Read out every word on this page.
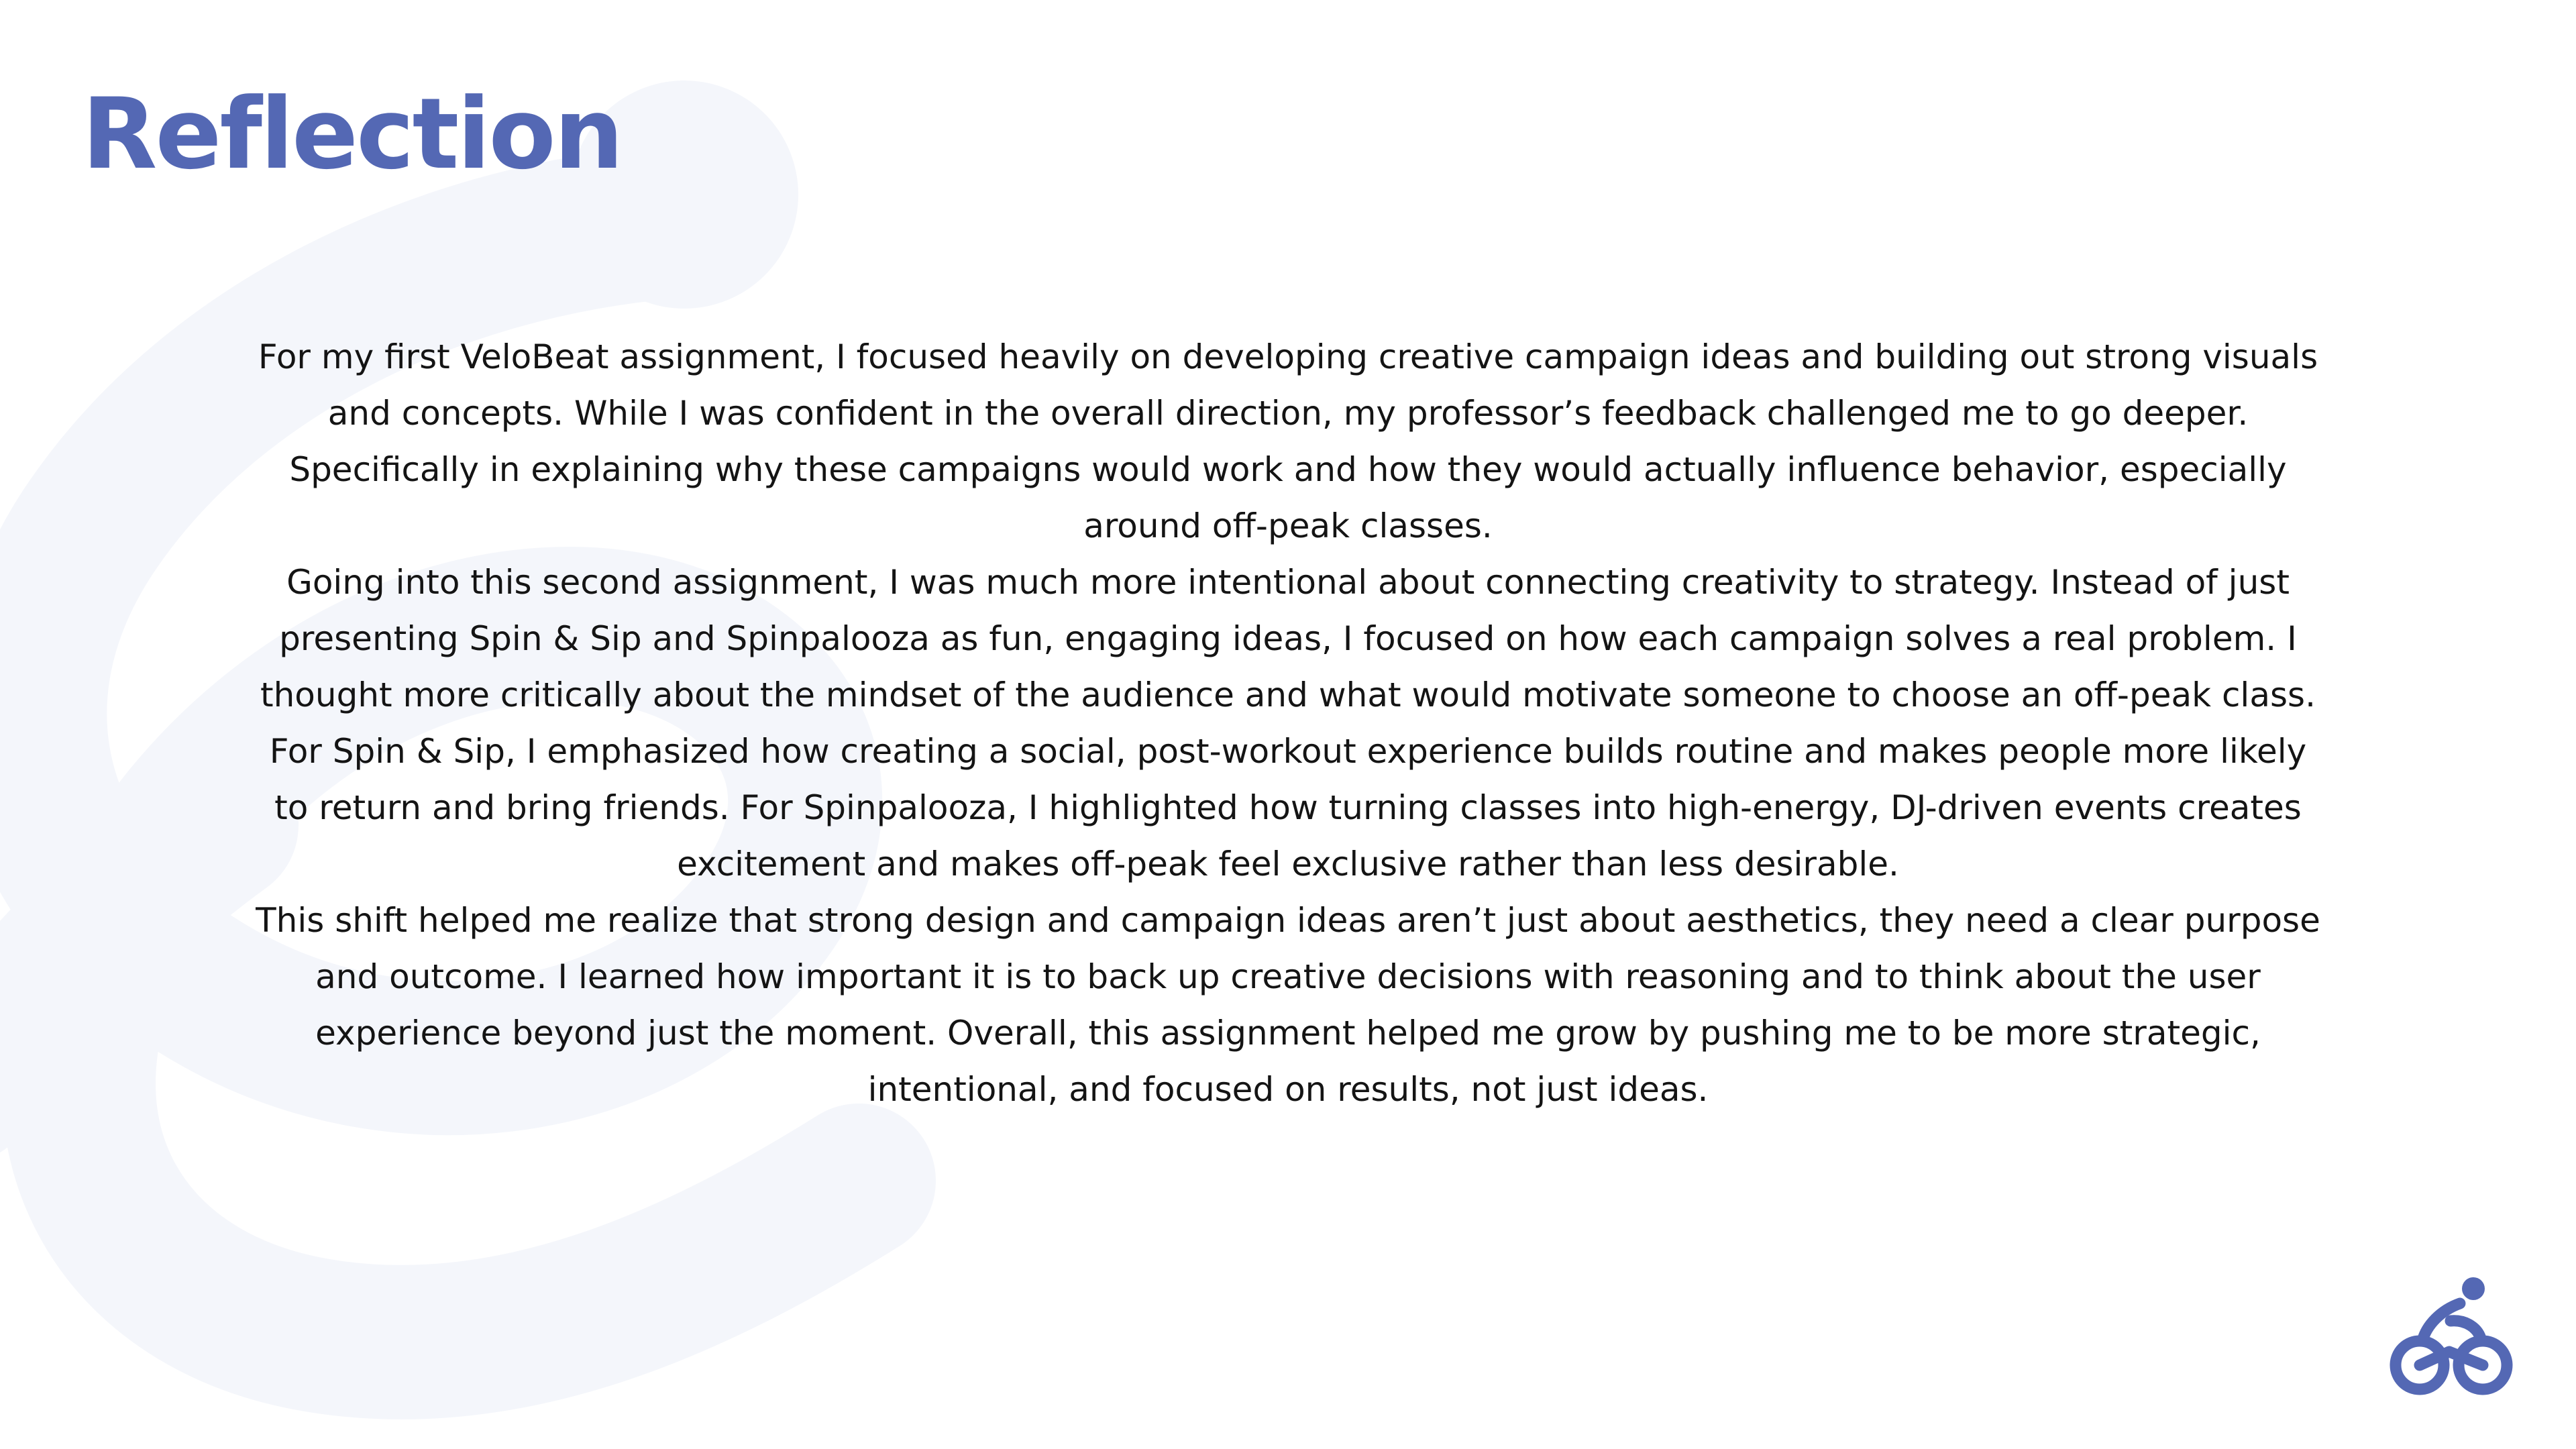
Reflection

For my first VeloBeat assignment, I focused heavily on developing creative campaign ideas and building out strong visuals and concepts. While I was confident in the overall direction, my professor’s feedback challenged me to go deeper. Specifically in explaining why these campaigns would work and how they would actually influence behavior, especially around off-peak classes.

Going into this second assignment, I was much more intentional about connecting creativity to strategy. Instead of just presenting Spin & Sip and Spinpalooza as fun, engaging ideas, I focused on how each campaign solves a real problem. I thought more critically about the mindset of the audience and what would motivate someone to choose an off-peak class. For Spin & Sip, I emphasized how creating a social, post-workout experience builds routine and makes people more likely to return and bring friends. For Spinpalooza, I highlighted how turning classes into high-energy, DJ-driven events creates excitement and makes off-peak feel exclusive rather than less desirable.

This shift helped me realize that strong design and campaign ideas aren’t just about aesthetics, they need a clear purpose and outcome. I learned how important it is to back up creative decisions with reasoning and to think about the user experience beyond just the moment. Overall, this assignment helped me grow by pushing me to be more strategic, intentional, and focused on results, not just ideas.
